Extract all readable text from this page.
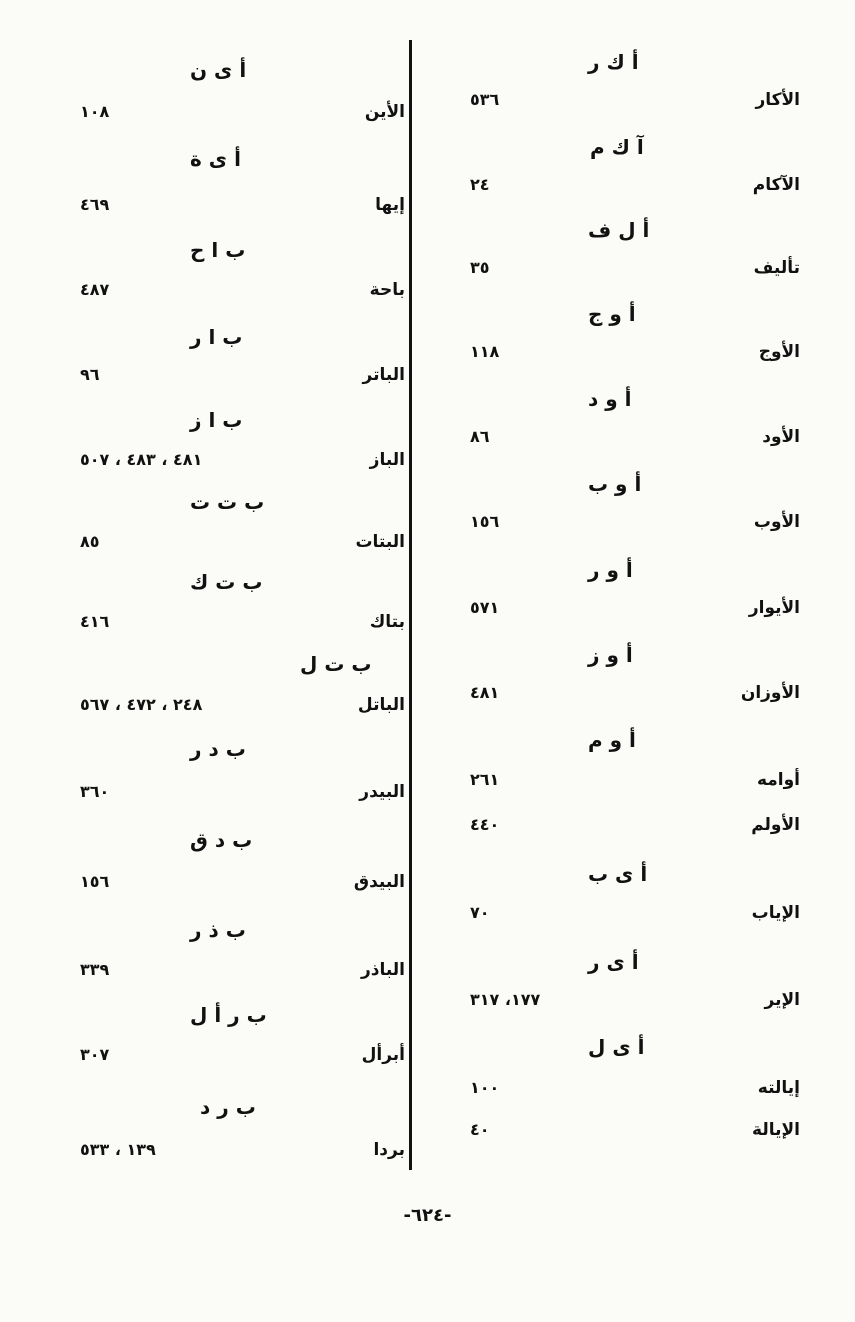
أ ك ر
الأكار
٥٣٦
آ ك م
الآكام
٢٤
أ ل ف
تأليف
٣٥
أ و ج
الأوج
١١٨
أ و د
الأود
٨٦
أ و ب
الأوب
١٥٦
أ و ر
الأيوار
٥٧١
أ و ز
الأوزان
٤٨١
أ و م
أوامه
٢٦١
الأولم
٤٤٠
أ ى ب
الإياب
٧٠
أ ى ر
الإير
١٧٧، ٣١٧
أ ى ل
إيالته
١٠٠
الإيالة
٤٠
أ ى ن
الأين
١٠٨
أ ى ة
إيها
٤٦٩
ب ا ح
باحة
٤٨٧
ب ا ر
الباتر
٩٦
ب ا ز
الباز
٤٨١ ، ٤٨٣ ، ٥٠٧
ب ت ت
البتات
٨٥
ب ت ك
بتاك
٤١٦
ب ت ل
الباتل
٢٤٨ ، ٤٧٢ ، ٥٦٧
ب د ر
البيدر
٣٦٠
ب د ق
البيدق
١٥٦
ب ذ ر
الباذر
٣٣٩
ب ر أ ل
أبرأل
٣٠٧
ب ر د
بردا
١٣٩ ، ٥٣٣
-٦٢٤-
